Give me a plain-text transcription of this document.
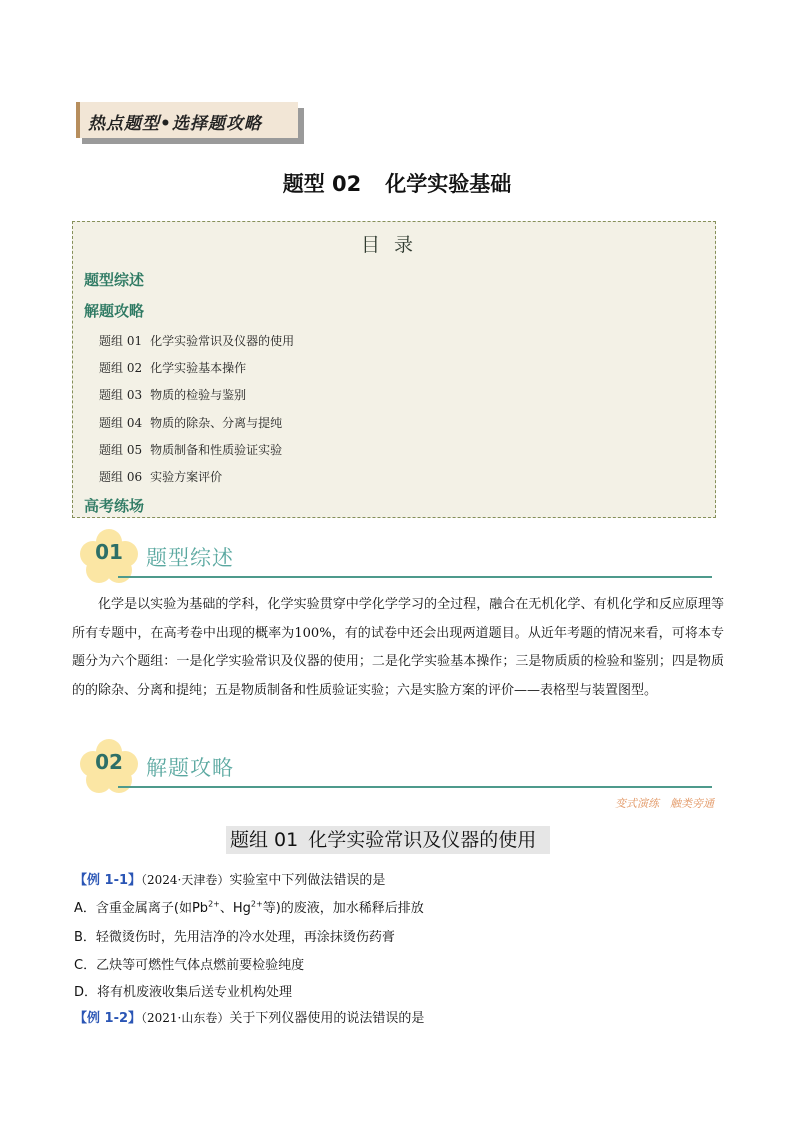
热点题型•选择题攻略
题型 02 化学实验基础
目录
题型综述
解题攻略
题组 01 化学实验常识及仪器的使用
题组 02 化学实验基本操作
题组 03 物质的检验与鉴别
题组 04 物质的除杂、分离与提纯
题组 05 物质制备和性质验证实验
题组 06 实验方案评价
高考练场
01	题型综述
化学是以实验为基础的学科，化学实验贯穿中学化学学习的全过程，融合在无机化学、有机化学和反应原理等所有专题中，在高考卷中出现的概率为100%，有的试卷中还会出现两道题目。从近年考题的情况来看，可将本专题分为六个题组：一是化学实验常识及仪器的使用；二是化学实验基本操作；三是物质质的检验和鉴别；四是物质的的除杂、分离和提纯；五是物质制备和性质验证实验；六是实脸方案的评价——表格型与装置图型。
02	解题攻略
变式演练　触类旁通
题组 01 化学实验常识及仪器的使用
【例 1-1】（2024·天津卷）实验室中下列做法错误的是
A．含重金属离子(如$Pb^{2+}$、$Hg^{2+}$等)的废液，加水稀释后排放
B．轻微烫伤时，先用洁净的冷水处理，再涂抹烫伤药膏
C．乙炔等可燃性气体点燃前要检验纯度
D．将有机废液收集后送专业机构处理
【例 1-2】（2021·山东卷）关于下列仪器使用的说法错误的是
